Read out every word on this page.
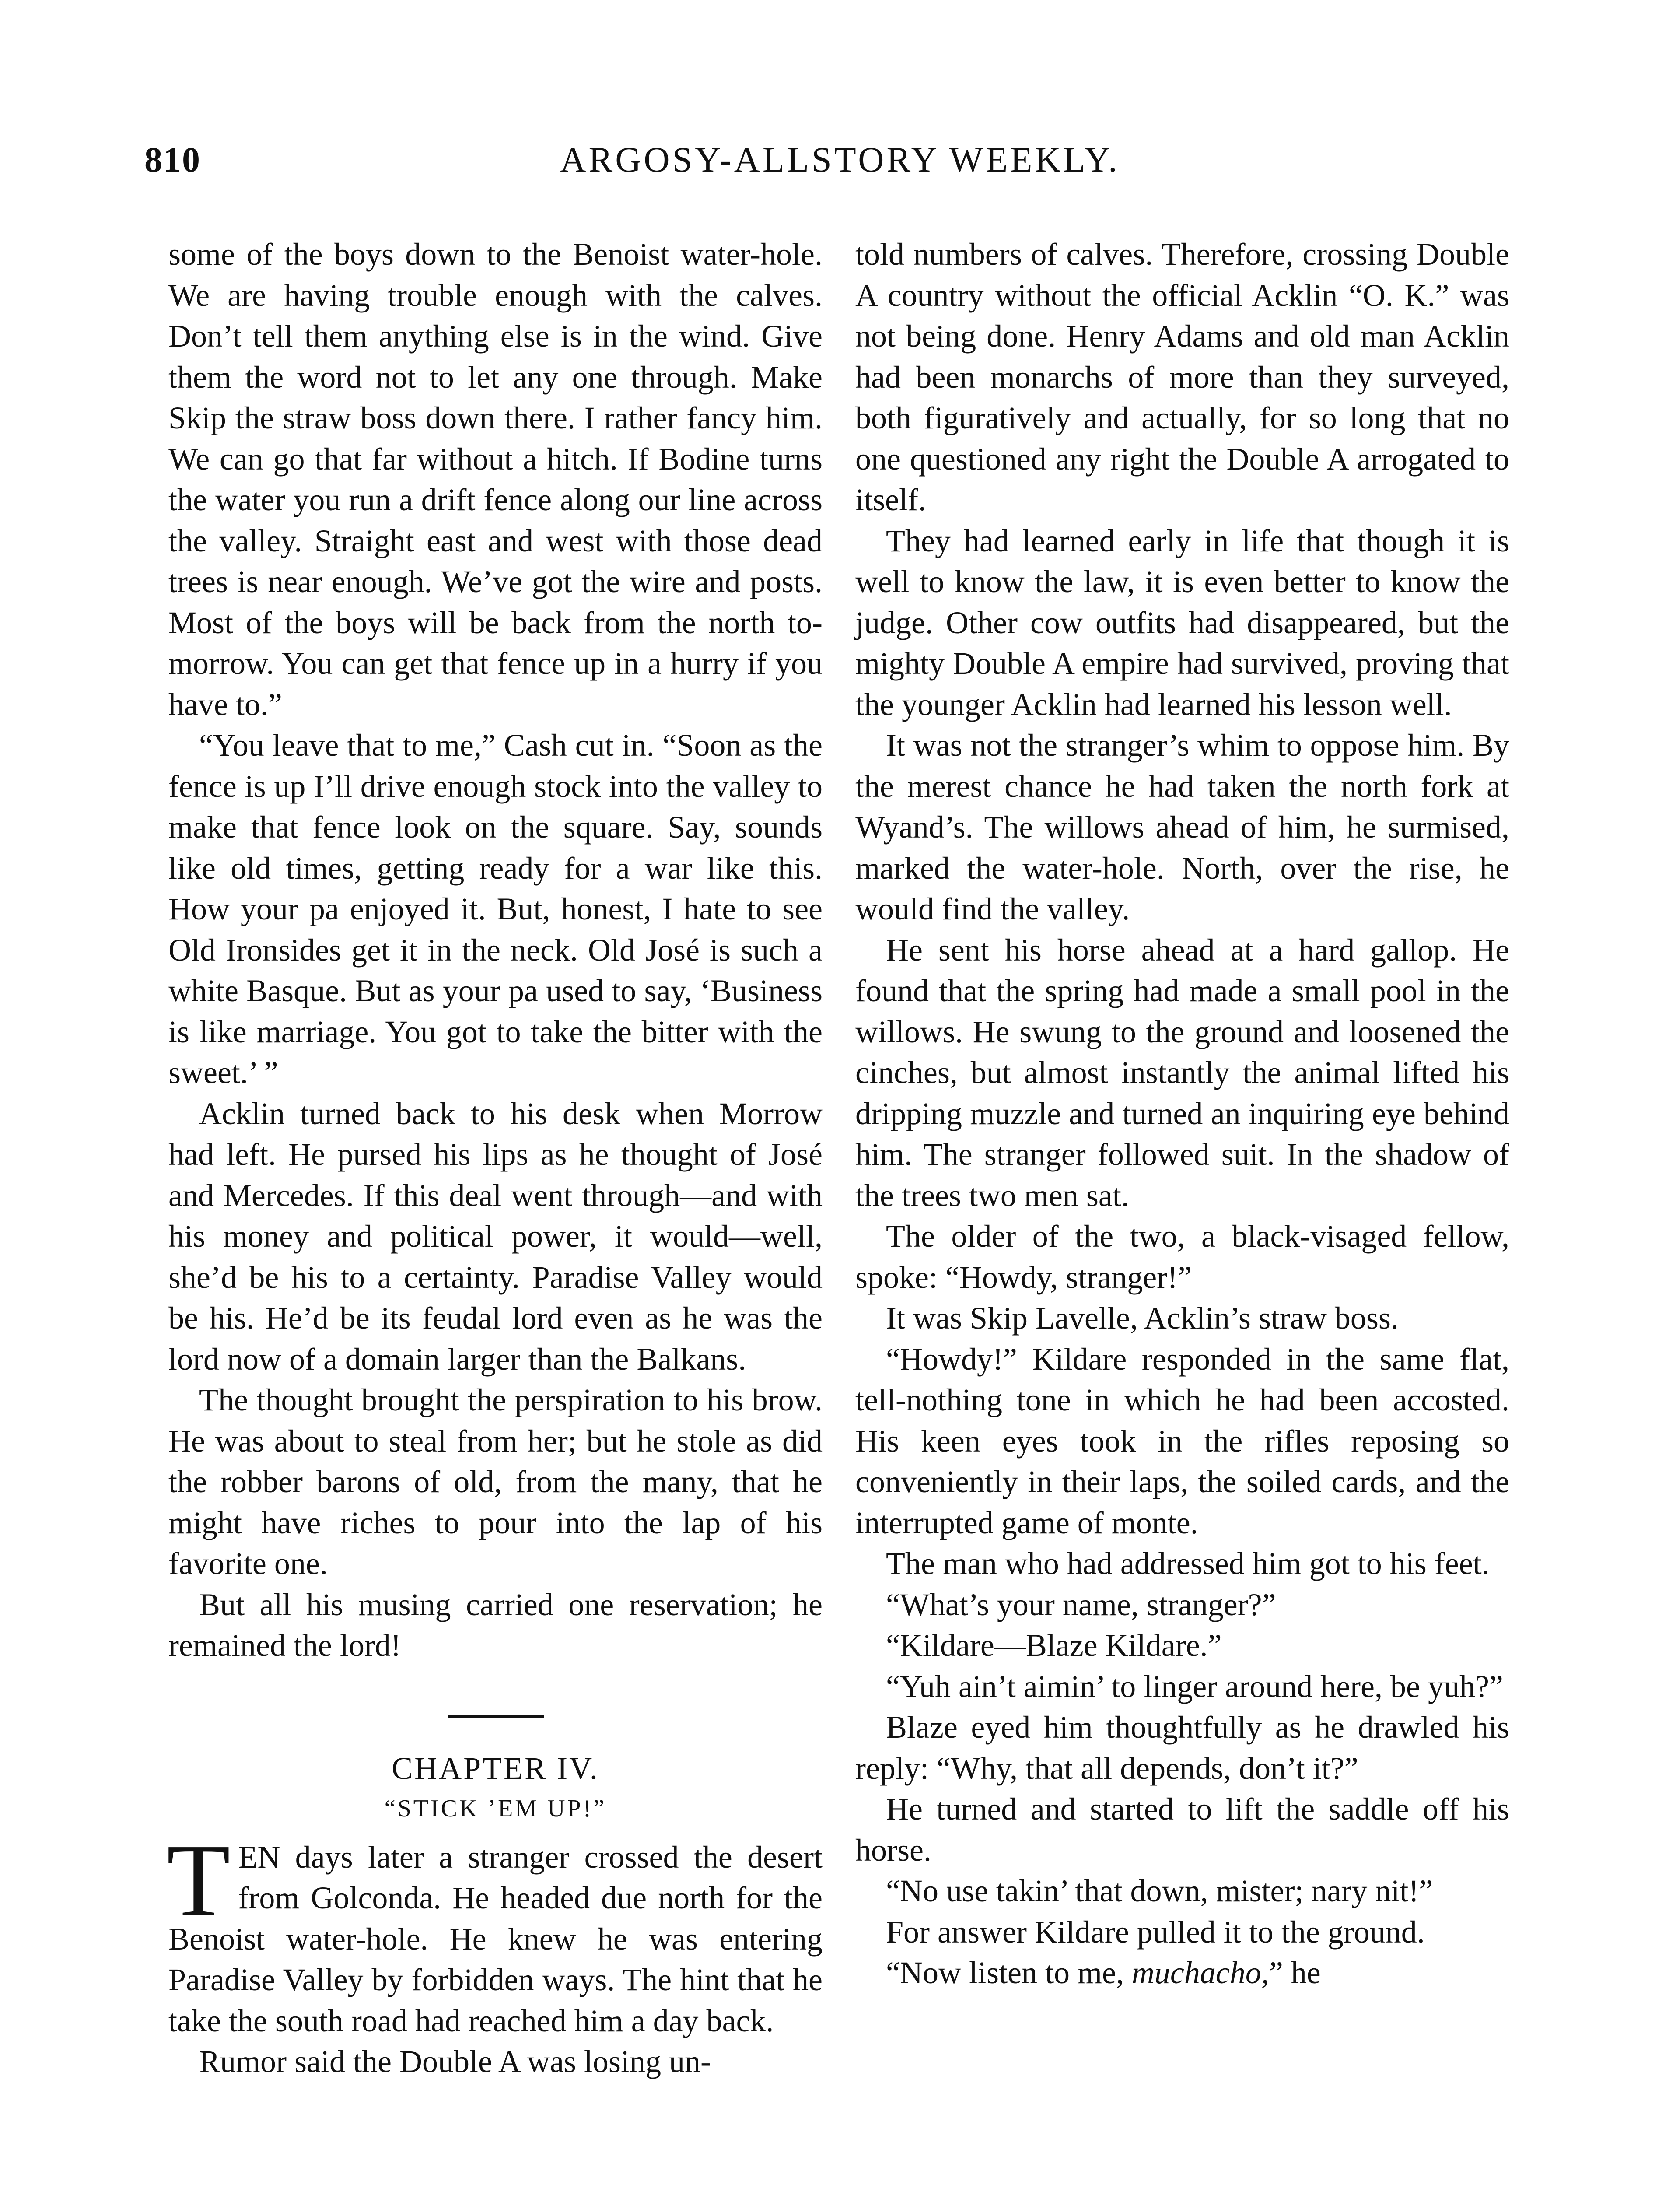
810	ARGOSY-ALLSTORY WEEKLY.

some of the boys down to the Benoist water-hole. We are having trouble enough with the calves. Don’t tell them anything else is in the wind. Give them the word not to let any one through. Make Skip the straw boss down there. I rather fancy him. We can go that far without a hitch. If Bodine turns the water you run a drift fence along our line across the valley. Straight east and west with those dead trees is near enough. We’ve got the wire and posts. Most of the boys will be back from the north to-morrow. You can get that fence up in a hurry if you have to.”

“You leave that to me,” Cash cut in. “Soon as the fence is up I’ll drive enough stock into the valley to make that fence look on the square. Say, sounds like old times, getting ready for a war like this. How your pa enjoyed it. But, honest, I hate to see Old Ironsides get it in the neck. Old José is such a white Basque. But as your pa used to say, ‘Business is like marriage. You got to take the bitter with the sweet.’ ”

Acklin turned back to his desk when Morrow had left. He pursed his lips as he thought of José and Mercedes. If this deal went through—and with his money and political power, it would—well, she’d be his to a certainty. Paradise Valley would be his. He’d be its feudal lord even as he was the lord now of a domain larger than the Balkans.

The thought brought the perspiration to his brow. He was about to steal from her; but he stole as did the robber barons of old, from the many, that he might have riches to pour into the lap of his favorite one.

But all his musing carried one reservation; he remained the lord!

CHAPTER IV.
“STICK ’EM UP!”

TEN days later a stranger crossed the desert from Golconda. He headed due north for the Benoist water-hole. He knew he was entering Paradise Valley by forbidden ways. The hint that he take the south road had reached him a day back.

Rumor said the Double A was losing un-

told numbers of calves. Therefore, crossing Double A country without the official Acklin “O. K.” was not being done. Henry Adams and old man Acklin had been monarchs of more than they surveyed, both figuratively and actually, for so long that no one questioned any right the Double A arrogated to itself.

They had learned early in life that though it is well to know the law, it is even better to know the judge. Other cow outfits had disappeared, but the mighty Double A empire had survived, proving that the younger Acklin had learned his lesson well.

It was not the stranger’s whim to oppose him. By the merest chance he had taken the north fork at Wyand’s. The willows ahead of him, he surmised, marked the water-hole. North, over the rise, he would find the valley.

He sent his horse ahead at a hard gallop. He found that the spring had made a small pool in the willows. He swung to the ground and loosened the cinches, but almost instantly the animal lifted his dripping muzzle and turned an inquiring eye behind him. The stranger followed suit. In the shadow of the trees two men sat.

The older of the two, a black-visaged fellow, spoke: “Howdy, stranger!”

It was Skip Lavelle, Acklin’s straw boss.

“Howdy!” Kildare responded in the same flat, tell-nothing tone in which he had been accosted. His keen eyes took in the rifles reposing so conveniently in their laps, the soiled cards, and the interrupted game of monte.

The man who had addressed him got to his feet.

“What’s your name, stranger?”

“Kildare—Blaze Kildare.”

“Yuh ain’t aimin’ to linger around here, be yuh?”

Blaze eyed him thoughtfully as he drawled his reply: “Why, that all depends, don’t it?”

He turned and started to lift the saddle off his horse.

“No use takin’ that down, mister; nary nit!”

For answer Kildare pulled it to the ground.

“Now listen to me, muchacho,” he
